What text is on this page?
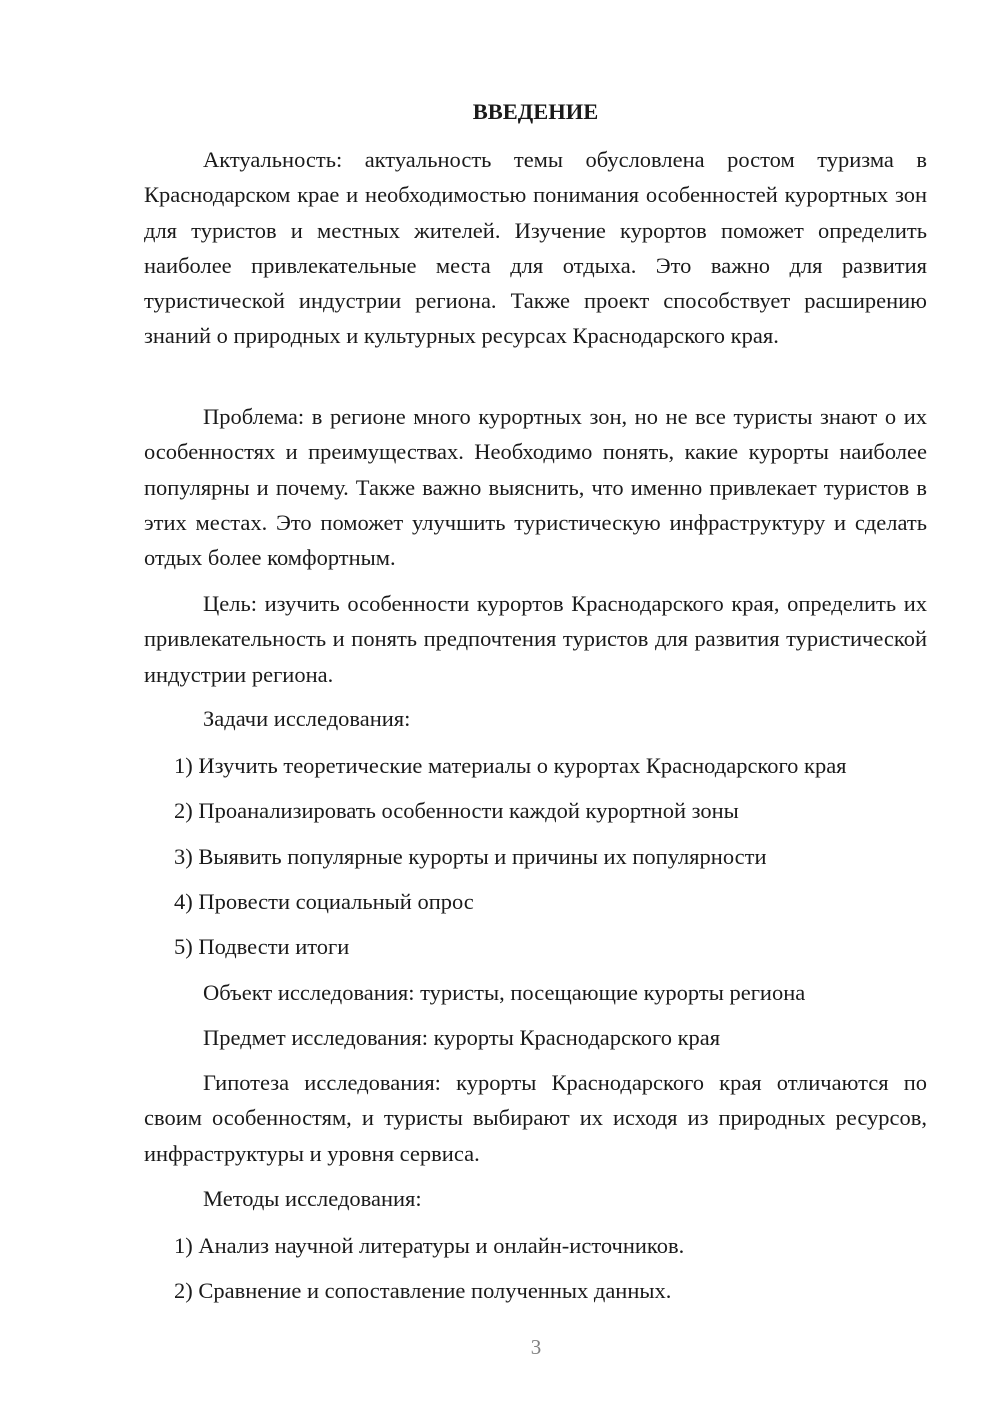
ВВЕДЕНИЕ

Актуальность: актуальность темы обусловлена ростом туризма в Краснодарском крае и необходимостью понимания особенностей курортных зон для туристов и местных жителей. Изучение курортов поможет определить наиболее привлекательные места для отдыха. Это важно для развития туристической индустрии региона. Также проект способствует расширению знаний о природных и культурных ресурсах Краснодарского края.

Проблема: в регионе много курортных зон, но не все туристы знают о их особенностях и преимуществах. Необходимо понять, какие курорты наиболее популярны и почему. Также важно выяснить, что именно привлекает туристов в этих местах. Это поможет улучшить туристическую инфраструктуру и сделать отдых более комфортным.

Цель: изучить особенности курортов Краснодарского края, определить их привлекательность и понять предпочтения туристов для развития туристической индустрии региона.

Задачи исследования:

1) Изучить теоретические материалы о курортах Краснодарского края

2) Проанализировать особенности каждой курортной зоны

3) Выявить популярные курорты и причины их популярности

4) Провести социальный опрос

5) Подвести итоги

Объект исследования: туристы, посещающие курорты региона

Предмет исследования: курорты Краснодарского края

Гипотеза исследования: курорты Краснодарского края отличаются по своим особенностям, и туристы выбирают их исходя из природных ресурсов, инфраструктуры и уровня сервиса.

Методы исследования:

1) Анализ научной литературы и онлайн-источников.

2) Сравнение и сопоставление полученных данных.

3
